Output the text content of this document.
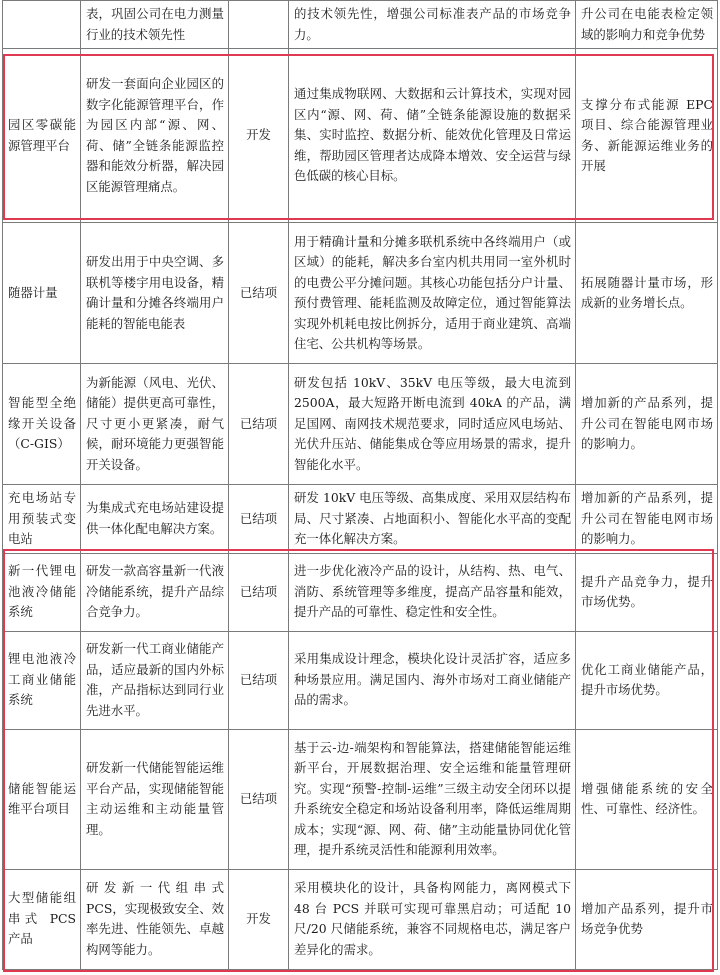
	表，巩固公司在电力测量行业的技术领先性		的技术领先性，增强公司标准表产品的市场竞争力。	升公司在电能表检定领域的影响力和竞争优势
园区零碳能源管理平台	研发一套面向企业园区的数字化能源管理平台，作为园区内部“源、网、荷、储”全链条能源监控器和能效分析器，解决园区能源管理痛点。	开发	通过集成物联网、大数据和云计算技术，实现对园区内“源、网、荷、储”全链条能源设施的数据采集、实时监控、数据分析、能效优化管理及日常运维，帮助园区管理者达成降本增效、安全运营与绿色低碳的核心目标。	支撑分布式能源 EPC 项目、综合能源管理业务、新能源运维业务的开展
随器计量	研发出用于中央空调、多联机等楼宇用电设备，精确计量和分摊各终端用户能耗的智能电能表	已结项	用于精确计量和分摊多联机系统中各终端用户（或区域）的能耗，解决多台室内机共用同一室外机时的电费公平分摊问题。其核心功能包括分户计量、预付费管理、能耗监测及故障定位，通过智能算法实现外机耗电按比例拆分，适用于商业建筑、高端住宅、公共机构等场景。	拓展随器计量市场，形成新的业务增长点。
智能型全绝缘开关设备（C-GIS）	为新能源（风电、光伏、储能）提供更高可靠性，尺寸更小更紧凑，耐气候，耐环境能力更强智能开关设备。	已结项	研发包括 10kV、35kV 电压等级，最大电流到 2500A，最大短路开断电流到 40kA 的产品，满足国网、南网技术规范要求，同时适应风电场站、光伏升压站、储能集成仓等应用场景的需求，提升智能化水平。	增加新的产品系列，提升公司在智能电网市场的影响力。
充电场站专用预装式变电站	为集成式充电场站建设提供一体化配电解决方案。	已结项	研发 10kV 电压等级、高集成度、采用双层结构布局、尺寸紧凑、占地面积小、智能化水平高的变配充一体化解决方案。	增加新的产品系列，提升公司在智能电网市场的影响力。
新一代锂电池液冷储能系统	研发一款高容量新一代液冷储能系统，提升产品综合竞争力。	已结项	进一步优化液冷产品的设计，从结构、热、电气、消防、系统管理等多维度，提高产品容量和能效，提升产品的可靠性、稳定性和安全性。	提升产品竞争力，提升市场优势。
锂电池液冷工商业储能系统	研发新一代工商业储能产品，适应最新的国内外标准，产品指标达到同行业先进水平。	已结项	采用集成设计理念，模块化设计灵活扩容，适应多种场景应用。满足国内、海外市场对工商业储能产品的需求。	优化工商业储能产品，提升市场优势。
储能智能运维平台项目	研发新一代储能智能运维平台产品，实现储能智能主动运维和主动能量管理。	已结项	基于云-边-端架构和智能算法，搭建储能智能运维新平台，开展数据治理、安全运维和能量管理研究。实现“预警-控制-运维”三级主动安全闭环以提升系统安全稳定和场站设备利用率，降低运维周期成本；实现“源、网、荷、储”主动能量协同优化管理，提升系统灵活性和能源利用效率。	增强储能系统的安全性、可靠性、经济性。
大型储能组串式 PCS 产品	研发新一代组串式 PCS，实现极致安全、效率先进、性能领先、卓越构网等能力。	开发	采用模块化的设计，具备构网能力，离网模式下 48 台 PCS 并联可实现可靠黑启动；可适配 10 尺/20 尺储能系统，兼容不同规格电芯，满足客户差异化的需求。	增加产品系列，提升市场竞争优势
